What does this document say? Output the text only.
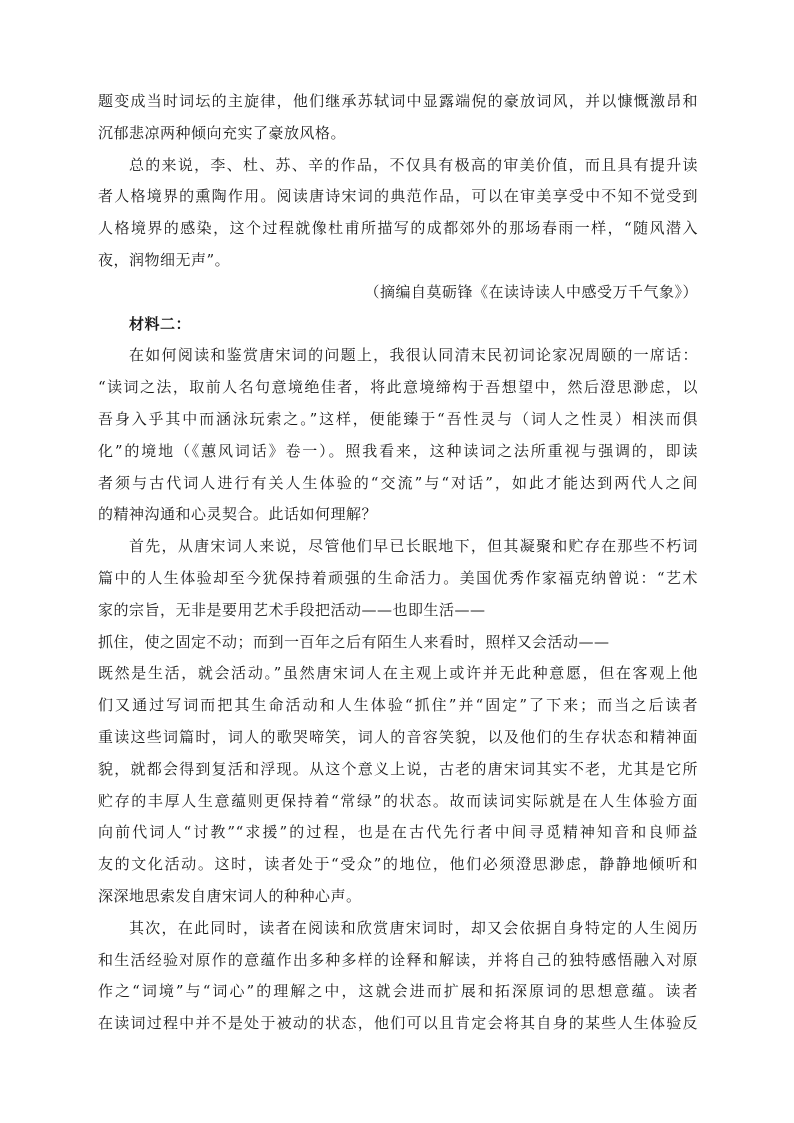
题变成当时词坛的主旋律，他们继承苏轼词中显露端倪的豪放词风，并以慷慨激昂和
沉郁悲凉两种倾向充实了豪放风格。
总的来说，李、杜、苏、辛的作品，不仅具有极高的审美价值，而且具有提升读
者人格境界的熏陶作用。阅读唐诗宋词的典范作品，可以在审美享受中不知不觉受到
人格境界的感染，这个过程就像杜甫所描写的成都郊外的那场春雨一样，“随风潜入
夜，润物细无声”。
（摘编自莫砺锋《在读诗读人中感受万千气象》）
材料二：
在如何阅读和鉴赏唐宋词的问题上，我很认同清末民初词论家况周颐的一席话：
“读词之法，取前人名句意境绝佳者，将此意境缔构于吾想望中，然后澄思渺虑，以
吾身入乎其中而涵泳玩索之。”这样，便能臻于“吾性灵与（词人之性灵）相浃而俱
化”的境地（《蕙风词话》卷一）。照我看来，这种读词之法所重视与强调的，即读
者须与古代词人进行有关人生体验的“交流”与“对话”，如此才能达到两代人之间
的精神沟通和心灵契合。此话如何理解？
首先，从唐宋词人来说，尽管他们早已长眠地下，但其凝聚和贮存在那些不朽词
篇中的人生体验却至今犹保持着顽强的生命活力。美国优秀作家福克纳曾说：“艺术
家的宗旨，无非是要用艺术手段把活动——也即生活——
抓住，使之固定不动；而到一百年之后有陌生人来看时，照样又会活动——
既然是生活，就会活动。”虽然唐宋词人在主观上或许并无此种意愿，但在客观上他
们又通过写词而把其生命活动和人生体验“抓住”并“固定”了下来；而当之后读者
重读这些词篇时，词人的歌哭啼笑，词人的音容笑貌，以及他们的生存状态和精神面
貌，就都会得到复活和浮现。从这个意义上说，古老的唐宋词其实不老，尤其是它所
贮存的丰厚人生意蕴则更保持着“常绿”的状态。故而读词实际就是在人生体验方面
向前代词人“讨教”“求援”的过程，也是在古代先行者中间寻觅精神知音和良师益
友的文化活动。这时，读者处于“受众”的地位，他们必须澄思渺虑，静静地倾听和
深深地思索发自唐宋词人的种种心声。
其次，在此同时，读者在阅读和欣赏唐宋词时，却又会依据自身特定的人生阅历
和生活经验对原作的意蕴作出多种多样的诠释和解读，并将自己的独特感悟融入对原
作之“词境”与“词心”的理解之中，这就会进而扩展和拓深原词的思想意蕴。读者
在读词过程中并不是处于被动的状态，他们可以且肯定会将其自身的某些人生体验反
